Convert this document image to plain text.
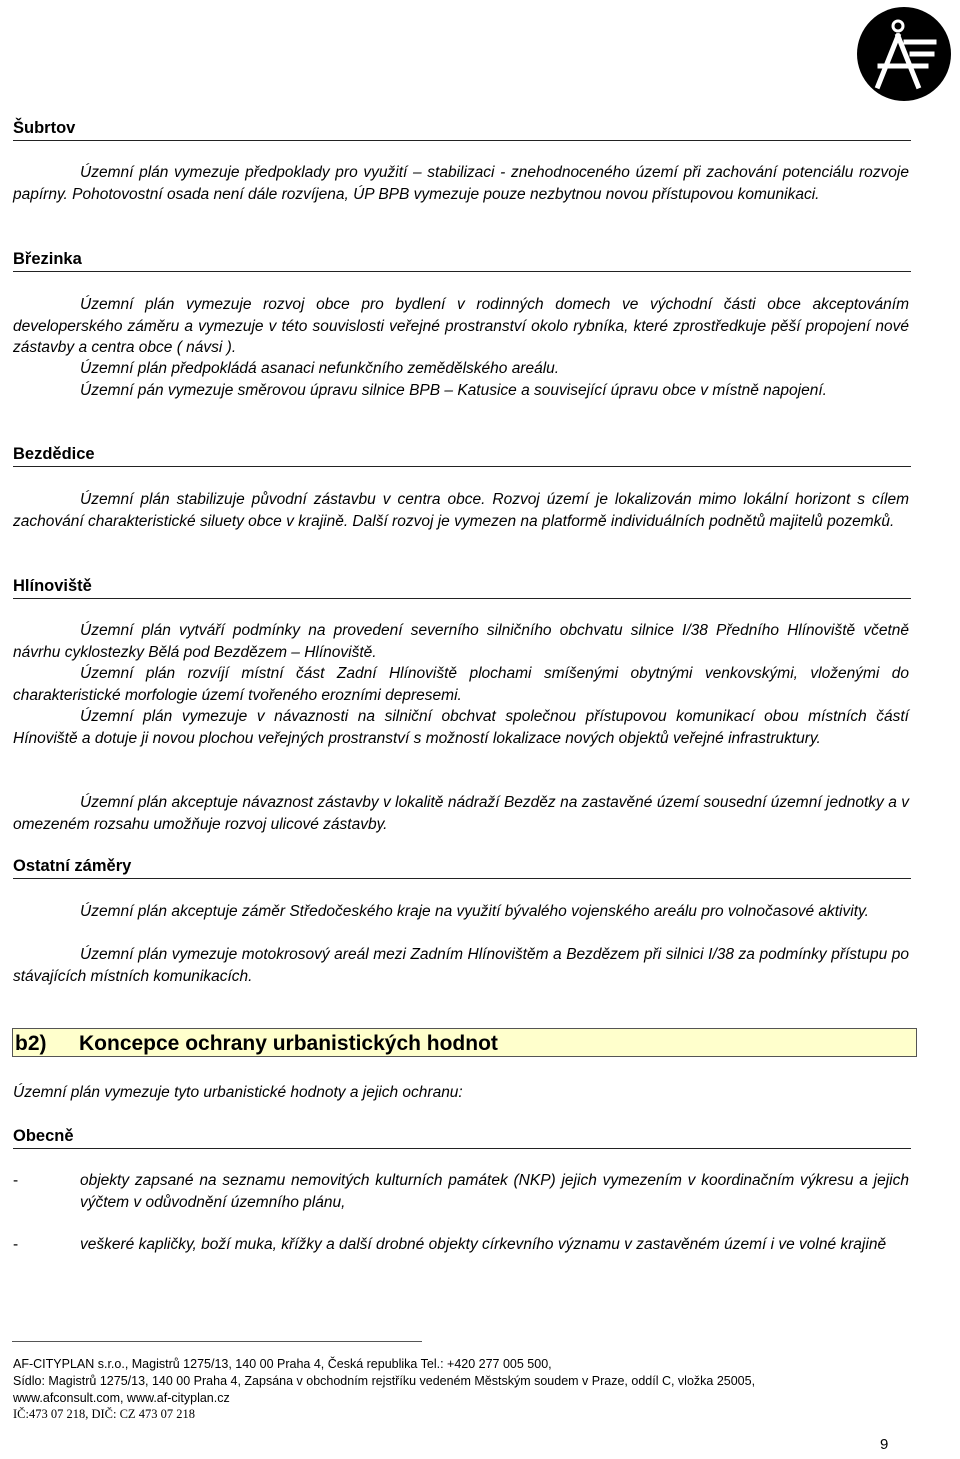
Šubrtov

Územní plán vymezuje předpoklady pro využití – stabilizaci - znehodnoceného území při zachování potenciálu rozvoje papírny. Pohotovostní osada není dále rozvíjena, ÚP BPB vymezuje pouze nezbytnou novou přístupovou komunikaci.

Březinka

Územní plán vymezuje rozvoj obce pro bydlení v rodinných domech ve východní části obce akceptováním developerského záměru a vymezuje v této souvislosti veřejné prostranství okolo rybníka, které zprostředkuje pěší propojení nové zástavby a centra obce ( návsi ).

Územní plán předpokládá asanaci nefunkčního zemědělského areálu.

Územní pán vymezuje směrovou úpravu silnice BPB – Katusice a související úpravu obce v místně napojení.

Bezdědice

Územní plán stabilizuje původní zástavbu v centra obce. Rozvoj území je lokalizován mimo lokální horizont s cílem zachování charakteristické siluety obce v krajině. Další rozvoj je vymezen na platformě individuálních podnětů majitelů pozemků.

Hlínoviště

Územní plán vytváří podmínky na provedení severního silničního obchvatu silnice I/38 Předního Hlínoviště včetně návrhu cyklostezky Bělá pod Bezdězem – Hlínoviště.

Územní plán rozvíjí místní část Zadní Hlínoviště plochami smíšenými obytnými venkovskými, vloženými do charakteristické morfologie území tvořeného erozními depresemi.

Územní plán vymezuje v návaznosti na silniční obchvat společnou přístupovou komunikací obou místních částí Hínoviště a dotuje ji novou plochou veřejných prostranství s možností lokalizace nových objektů veřejné infrastruktury.

Územní plán akceptuje návaznost zástavby v lokalitě nádraží Bezděz na zastavěné území sousední územní jednotky a v omezeném rozsahu umožňuje rozvoj ulicové zástavby.

Ostatní záměry

Územní plán akceptuje záměr Středočeského kraje na využití bývalého vojenského areálu pro volnočasové aktivity.

Územní plán vymezuje motokrosový areál mezi Zadním Hlínovištěm a Bezdězem při silnici I/38 za podmínky přístupu po stávajících místních komunikacích.

b2) Koncepce ochrany urbanistických hodnot

Územní plán vymezuje tyto urbanistické hodnoty a jejich ochranu:

Obecně
-	objekty zapsané na seznamu nemovitých kulturních památek (NKP) jejich vymezením v koordinačním výkresu a jejich výčtem v odůvodnění územního plánu,
-	veškeré kapličky, boží muka, křížky a další drobné objekty církevního významu v zastavěném území i ve volné krajině
AF-CITYPLAN s.r.o., Magistrů 1275/13, 140 00 Praha 4, Česká republika Tel.: +420 277 005 500,
Sídlo: Magistrů 1275/13, 140 00 Praha 4, Zapsána v obchodním rejstříku vedeném Městským soudem v Praze, oddíl C, vložka 25005,
www.afconsult.com, www.af-cityplan.cz
IČ:473 07 218, DIČ: CZ 473 07 218
9
